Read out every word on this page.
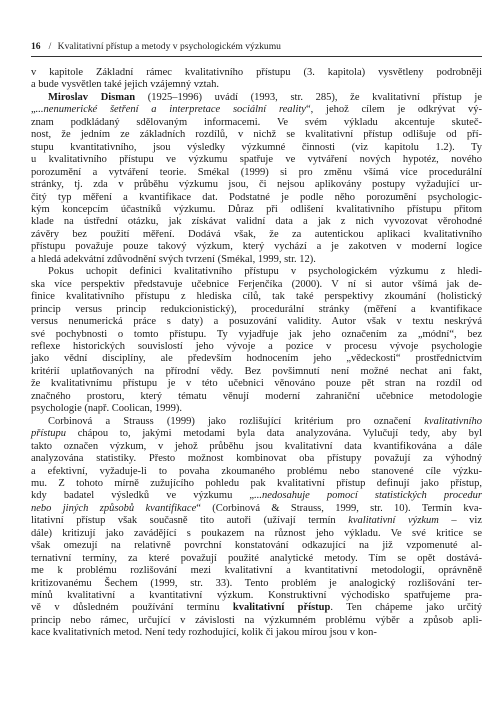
16 / Kvalitativní přístup a metody v psychologickém výzkumu
v kapitole Základní rámec kvalitativního přístupu (3. kapitola) vysvětleny podrobněji
a bude vysvětlen také jejich vzájemný vztah.
Miroslav Disman (1925–1996) uvádí (1993, str. 285), že kvalitativní přístup je
„...nenumerické šetření a interpretace sociální reality“, jehož cílem je odkrývat vý-
znam podkládaný sdělovaným informacemi. Ve svém výkladu akcentuje skuteč-
nost, že jedním ze základních rozdílů, v nichž se kvalitativní přístup odlišuje od pří-
stupu kvantitativního, jsou výsledky výzkumné činnosti (viz kapitolu 1.2). Ty
u kvalitativního přístupu ve výzkumu spatřuje ve vytváření nových hypotéz, nového
porozumění a vytváření teorie. Smékal (1999) si pro změnu všímá více procedurální
stránky, tj. zda v průběhu výzkumu jsou, či nejsou aplikovány postupy vyžadující ur-
čitý typ měření a kvantifikace dat. Podstatné je podle něho porozumění psychologic-
kým koncepcím účastníků výzkumu. Důraz při odlišení kvalitativního přístupu přitom
klade na ústřední otázku, jak získávat validní data a jak z nich vyvozovat věrohodné
závěry bez použití měření. Dodává však, že za autentickou aplikaci kvalitativního
přístupu považuje pouze takový výzkum, který vychází a je zakotven v moderní logice
a hledá adekvátní zdůvodnění svých tvrzení (Smékal, 1999, str. 12).
Pokus uchopit definici kvalitativního přístupu v psychologickém výzkumu z hledi-
ska více perspektiv představuje učebnice Ferjenčíka (2000). V ní si autor všímá jak de-
finice kvalitativního přístupu z hlediska cílů, tak také perspektivy zkoumání (holistický
princip versus princip redukcionistický), procedurální stránky (měření a kvantifikace
versus nenumerická práce s daty) a posuzování validity. Autor však v textu neskrývá
své pochybnosti o tomto přístupu. Ty vyjadřuje jak jeho označením za „módní“, bez
reflexe historických souvislostí jeho vývoje a pozice v procesu vývoje psychologie
jako vědní disciplíny, ale především hodnocením jeho „vědeckosti“ prostřednictvím
kritérií uplatňovaných na přírodní vědy. Bez povšimnutí není možné nechat ani fakt,
že kvalitativnímu přístupu je v této učebnici věnováno pouze pět stran na rozdíl od
značného prostoru, který tématu věnují moderní zahraniční učebnice metodologie
psychologie (např. Coolican, 1999).
Corbinová a Strauss (1999) jako rozlišující kritérium pro označení kvalitativního
přístupu chápou to, jakými metodami byla data analyzována. Vylučují tedy, aby byl
takto označen výzkum, v jehož průběhu jsou kvalitativní data kvantifikována a dále
analyzována statistiky. Přesto možnost kombinovat oba přístupy považují za výhodný
a efektivní, vyžaduje-li to povaha zkoumaného problému nebo stanovené cíle výzku-
mu. Z tohoto mírně zužujícího pohledu pak kvalitativní přístup definují jako přístup,
kdy badatel výsledků ve výzkumu „...nedosahuje pomocí statistických procedur
nebo jiných způsobů kvantifikace“ (Corbinová & Strauss, 1999, str. 10). Termín kva-
litativní přístup však současně tito autoři (užívají termín kvalitativní výzkum – viz
dále) kritizují jako zavádějící s poukazem na různost jeho výkladu. Ve své kritice se
však omezují na relativně povrchní konstatování odkazující na již vzpomenuté al-
ternativní termíny, za které považují použité analytické metody. Tím se opět dostává-
me k problému rozlišování mezi kvalitativní a kvantitativní metodologií, oprávněně
kritizovanému Šechem (1999, str. 33). Tento problém je analogický rozlišování ter-
mínů kvalitativní a kvantitativní výzkum. Konstruktivní východisko spatřujeme pra-
vě v důsledném používání termínu kvalitativní přístup. Ten chápeme jako určitý
princip nebo rámec, určující v závislosti na výzkumném problému výběr a způsob apli-
kace kvalitativních metod. Není tedy rozhodující, kolik či jakou mírou jsou v kon-
